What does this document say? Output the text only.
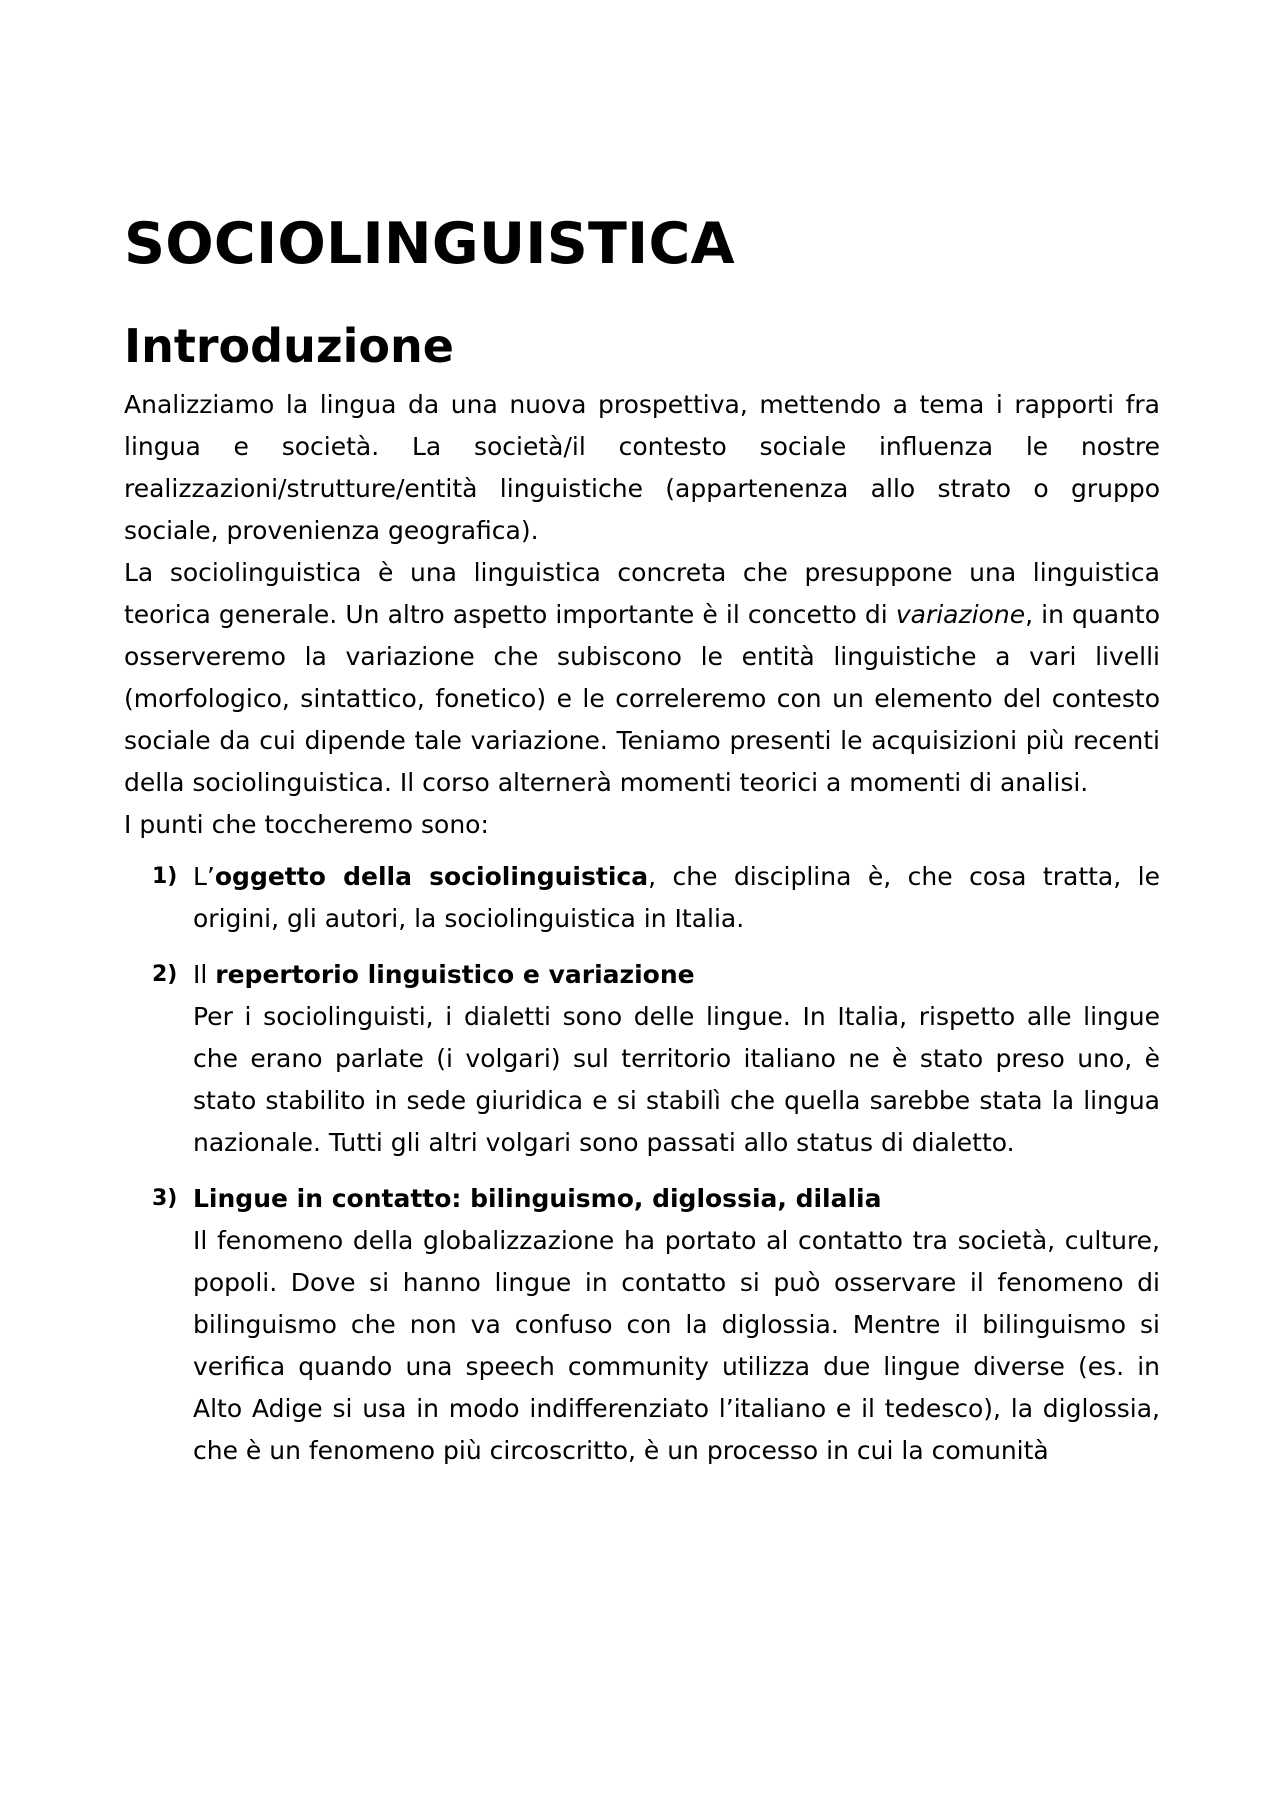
SOCIOLINGUISTICA
Introduzione

Analizziamo la lingua da una nuova prospettiva, mettendo a tema i rapporti fra lingua e società. La società/il contesto sociale influenza le nostre realizzazioni/strutture/entità linguistiche (appartenenza allo strato o gruppo sociale, provenienza geografica).

La sociolinguistica è una linguistica concreta che presuppone una linguistica teorica generale. Un altro aspetto importante è il concetto di variazione, in quanto osserveremo la variazione che subiscono le entità linguistiche a vari livelli (morfologico, sintattico, fonetico) e le correleremo con un elemento del contesto sociale da cui dipende tale variazione. Teniamo presenti le acquisizioni più recenti della sociolinguistica. Il corso alternerà momenti teorici a momenti di analisi.

I punti che toccheremo sono:

1) L’oggetto della sociolinguistica, che disciplina è, che cosa tratta, le origini, gli autori, la sociolinguistica in Italia.

2) Il repertorio linguistico e variazione

Per i sociolinguisti, i dialetti sono delle lingue. In Italia, rispetto alle lingue che erano parlate (i volgari) sul territorio italiano ne è stato preso uno, è stato stabilito in sede giuridica e si stabilì che quella sarebbe stata la lingua nazionale. Tutti gli altri volgari sono passati allo status di dialetto.

3) Lingue in contatto: bilinguismo, diglossia, dilalia

Il fenomeno della globalizzazione ha portato al contatto tra società, culture, popoli. Dove si hanno lingue in contatto si può osservare il fenomeno di bilinguismo che non va confuso con la diglossia. Mentre il bilinguismo si verifica quando una speech community utilizza due lingue diverse (es. in Alto Adige si usa in modo indifferenziato l’italiano e il tedesco), la diglossia, che è un fenomeno più circoscritto, è un processo in cui la comunità
